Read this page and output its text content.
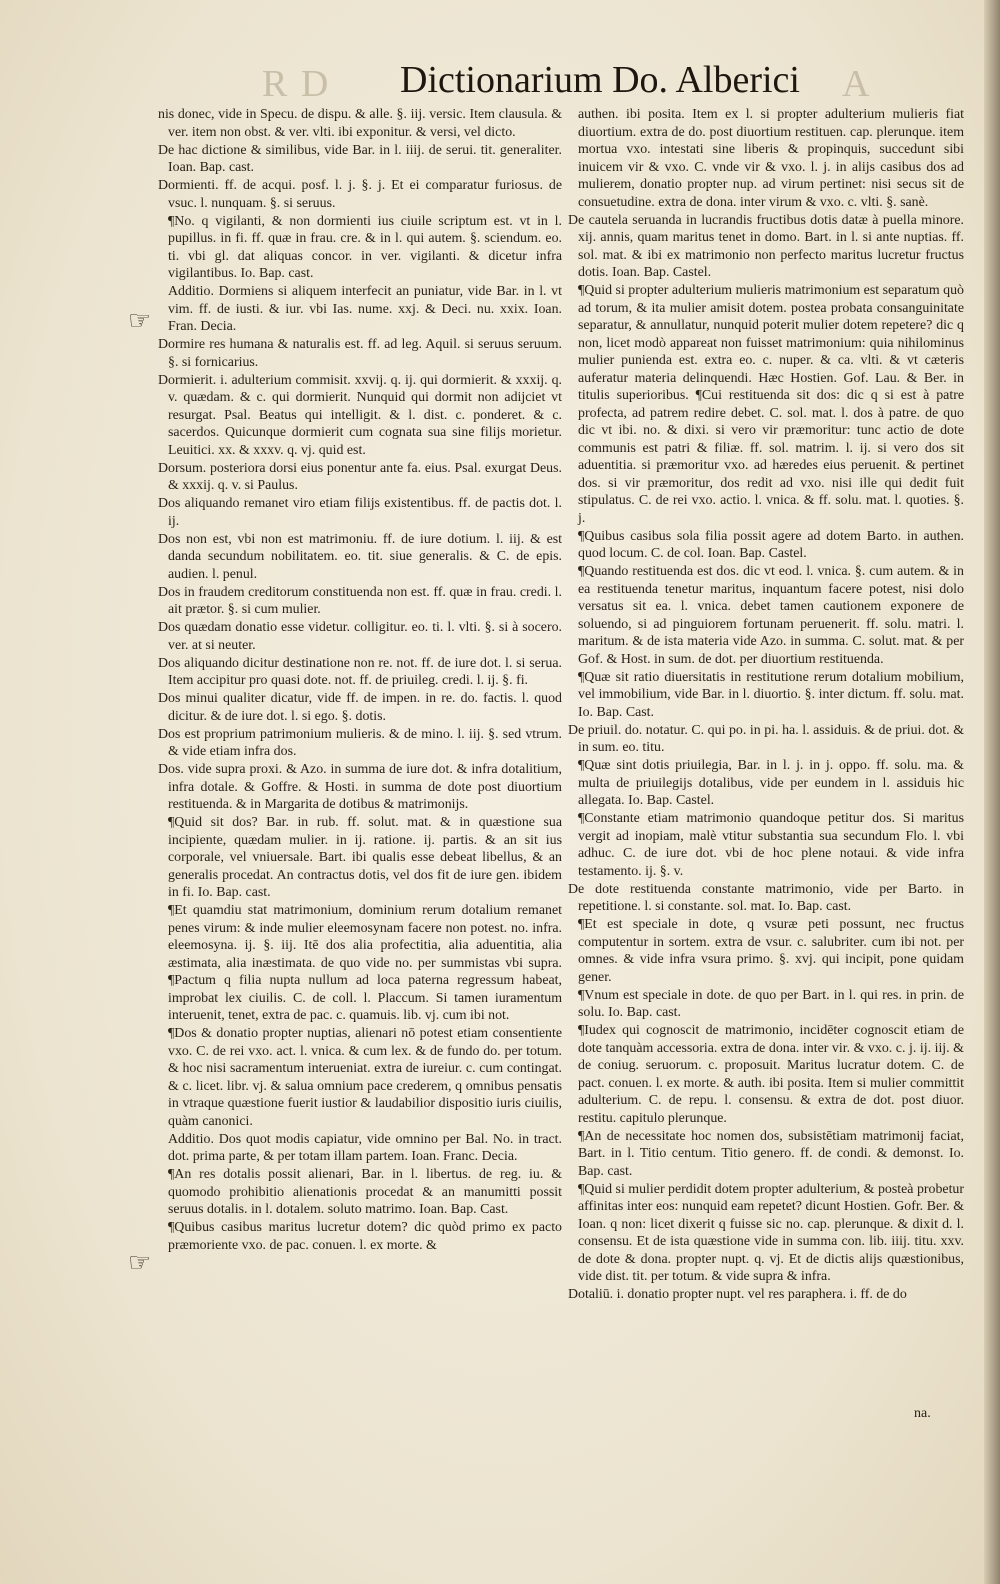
R D Dictionarium Do. Alberici A
☞
☞

nis donec, vide in Specu. de dispu. & alle. §. iij. versic. Item clausula. & ver. item non obst. & ver. vlti. ibi exponitur. & versi, vel dicto.

De hac dictione & similibus, vide Bar. in l. iiij. de serui. tit. generaliter. Ioan. Bap. cast.

Dormienti. ff. de acqui. posf. l. j. §. j. Et ei comparatur furiosus. de vsuc. l. nunquam. §. si seruus.

¶No. q vigilanti, & non dormienti ius ciuile scriptum est. vt in l. pupillus. in fi. ff. quæ in frau. cre. & in l. qui autem. §. sciendum. eo. ti. vbi gl. dat aliquas concor. in ver. vigilanti. & dicetur infra vigilantibus. Io. Bap. cast.

Additio. Dormiens si aliquem interfecit an puniatur, vide Bar. in l. vt vim. ff. de iusti. & iur. vbi Ias. nume. xxj. & Deci. nu. xxix. Ioan. Fran. Decia.

Dormire res humana & naturalis est. ff. ad leg. Aquil. si seruus seruum. §. si fornicarius.

Dormierit. i. adulterium commisit. xxvij. q. ij. qui dormierit. & xxxij. q. v. quædam. & c. qui dormierit. Nunquid qui dormit non adijciet vt resurgat. Psal. Beatus qui intelligit. & l. dist. c. ponderet. & c. sacerdos. Quicunque dormierit cum cognata sua sine filijs morietur. Leuitici. xx. & xxxv. q. vj. quid est.

Dorsum. posteriora dorsi eius ponentur ante fa. eius. Psal. exurgat Deus. & xxxij. q. v. si Paulus.

Dos aliquando remanet viro etiam filijs existentibus. ff. de pactis dot. l. ij.

Dos non est, vbi non est matrimoniu. ff. de iure dotium. l. iij. & est danda secundum nobilitatem. eo. tit. siue generalis. & C. de epis. audien. l. penul.

Dos in fraudem creditorum constituenda non est. ff. quæ in frau. credi. l. ait prætor. §. si cum mulier.

Dos quædam donatio esse videtur. colligitur. eo. ti. l. vlti. §. si à socero. ver. at si neuter.

Dos aliquando dicitur destinatione non re. not. ff. de iure dot. l. si serua. Item accipitur pro quasi dote. not. ff. de priuileg. credi. l. ij. §. fi.

Dos minui qualiter dicatur, vide ff. de impen. in re. do. factis. l. quod dicitur. & de iure dot. l. si ego. §. dotis.

Dos est proprium patrimonium mulieris. & de mino. l. iij. §. sed vtrum. & vide etiam infra dos.

Dos. vide supra proxi. & Azo. in summa de iure dot. & infra dotalitium, infra dotale. & Goffre. & Hosti. in summa de dote post diuortium restituenda. & in Margarita de dotibus & matrimonijs.

¶Quid sit dos? Bar. in rub. ff. solut. mat. & in quæstione sua incipiente, quædam mulier. in ij. ratione. ij. partis. & an sit ius corporale, vel vniuersale. Bart. ibi qualis esse debeat libellus, & an generalis procedat. An contractus dotis, vel dos fit de iure gen. ibidem in fi. Io. Bap. cast.

¶Et quamdiu stat matrimonium, dominium rerum dotalium remanet penes virum: & inde mulier eleemosynam facere non potest. no. infra. eleemosyna. ij. §. iij. Itē dos alia profectitia, alia aduentitia, alia æstimata, alia inæstimata. de quo vide no. per summistas vbi supra. ¶Pactum q filia nupta nullum ad loca paterna regressum habeat, improbat lex ciuilis. C. de coll. l. Placcum. Si tamen iuramentum interuenit, tenet, extra de pac. c. quamuis. lib. vj. cum ibi not.

¶Dos & donatio propter nuptias, alienari nō potest etiam consentiente vxo. C. de rei vxo. act. l. vnica. & cum lex. & de fundo do. per totum. & hoc nisi sacramentum interueniat. extra de iureiur. c. cum contingat. & c. licet. libr. vj. & salua omnium pace crederem, q omnibus pensatis in vtraque quæstione fuerit iustior & laudabilior dispositio iuris ciuilis, quàm canonici.

Additio. Dos quot modis capiatur, vide omnino per Bal. No. in tract. dot. prima parte, & per totam illam partem. Ioan. Franc. Decia.

¶An res dotalis possit alienari, Bar. in l. libertus. de reg. iu. & quomodo prohibitio alienationis procedat & an manumitti possit seruus dotalis. in l. dotalem. soluto matrimo. Ioan. Bap. Cast.

¶Quibus casibus maritus lucretur dotem? dic quòd primo ex pacto præmoriente vxo. de pac. conuen. l. ex morte. &

authen. ibi posita. Item ex l. si propter adulterium mulieris fiat diuortium. extra de do. post diuortium restituen. cap. plerunque. item mortua vxo. intestati sine liberis & propinquis, succedunt sibi inuicem vir & vxo. C. vnde vir & vxo. l. j. in alijs casibus dos ad mulierem, donatio propter nup. ad virum pertinet: nisi secus sit de consuetudine. extra de dona. inter virum & vxo. c. vlti. §. sanè.

De cautela seruanda in lucrandis fructibus dotis datæ à puella minore. xij. annis, quam maritus tenet in domo. Bart. in l. si ante nuptias. ff. sol. mat. & ibi ex matrimonio non perfecto maritus lucretur fructus dotis. Ioan. Bap. Castel.

¶Quid si propter adulterium mulieris matrimonium est separatum quò ad torum, & ita mulier amisit dotem. postea probata consanguinitate separatur, & annullatur, nunquid poterit mulier dotem repetere? dic q non, licet modò appareat non fuisset matrimonium: quia nihilominus mulier punienda est. extra eo. c. nuper. & ca. vlti. & vt cæteris auferatur materia delinquendi. Hæc Hostien. Gof. Lau. & Ber. in titulis superioribus. ¶Cui restituenda sit dos: dic q si est à patre profecta, ad patrem redire debet. C. sol. mat. l. dos à patre. de quo dic vt ibi. no. & dixi. si vero vir præmoritur: tunc actio de dote communis est patri & filiæ. ff. sol. matrim. l. ij. si vero dos sit aduentitia. si præmoritur vxo. ad hæredes eius peruenit. & pertinet dos. si vir præmoritur, dos redit ad vxo. nisi ille qui dedit fuit stipulatus. C. de rei vxo. actio. l. vnica. & ff. solu. mat. l. quoties. §. j.

¶Quibus casibus sola filia possit agere ad dotem Barto. in authen. quod locum. C. de col. Ioan. Bap. Castel.

¶Quando restituenda est dos. dic vt eod. l. vnica. §. cum autem. & in ea restituenda tenetur maritus, inquantum facere potest, nisi dolo versatus sit ea. l. vnica. debet tamen cautionem exponere de soluendo, si ad pinguiorem fortunam peruenerit. ff. solu. matri. l. maritum. & de ista materia vide Azo. in summa. C. solut. mat. & per Gof. & Host. in sum. de dot. per diuortium restituenda.

¶Quæ sit ratio diuersitatis in restitutione rerum dotalium mobilium, vel immobilium, vide Bar. in l. diuortio. §. inter dictum. ff. solu. mat. Io. Bap. Cast.

De priuil. do. notatur. C. qui po. in pi. ha. l. assiduis. & de priui. dot. & in sum. eo. titu.

¶Quæ sint dotis priuilegia, Bar. in l. j. in j. oppo. ff. solu. ma. & multa de priuilegijs dotalibus, vide per eundem in l. assiduis hic allegata. Io. Bap. Castel.

¶Constante etiam matrimonio quandoque petitur dos. Si maritus vergit ad inopiam, malè vtitur substantia sua secundum Flo. l. vbi adhuc. C. de iure dot. vbi de hoc plene notaui. & vide infra testamento. ij. §. v.

De dote restituenda constante matrimonio, vide per Barto. in repetitione. l. si constante. sol. mat. Io. Bap. cast.

¶Et est speciale in dote, q vsuræ peti possunt, nec fructus computentur in sortem. extra de vsur. c. salubriter. cum ibi not. per omnes. & vide infra vsura primo. §. xvj. qui incipit, pone quidam gener.

¶Vnum est speciale in dote. de quo per Bart. in l. qui res. in prin. de solu. Io. Bap. cast.

¶Iudex qui cognoscit de matrimonio, incidēter cognoscit etiam de dote tanquàm accessoria. extra de dona. inter vir. & vxo. c. j. ij. iij. & de coniug. seruorum. c. proposuit. Maritus lucratur dotem. C. de pact. conuen. l. ex morte. & auth. ibi posita. Item si mulier committit adulterium. C. de repu. l. consensu. & extra de dot. post diuor. restitu. capitulo plerunque.

¶An de necessitate hoc nomen dos, subsistētiam matrimonij faciat, Bart. in l. Titio centum. Titio genero. ff. de condi. & demonst. Io. Bap. cast.

¶Quid si mulier perdidit dotem propter adulterium, & posteà probetur affinitas inter eos: nunquid eam repetet? dicunt Hostien. Gofr. Ber. & Ioan. q non: licet dixerit q fuisse sic no. cap. plerunque. & dixit d. l. consensu. Et de ista quæstione vide in summa con. lib. iiij. titu. xxv. de dote & dona. propter nupt. q. vj. Et de dictis alijs quæstionibus, vide dist. tit. per totum. & vide supra & infra.

Dotaliū. i. donatio propter nupt. vel res paraphera. i. ff. de do

na.
